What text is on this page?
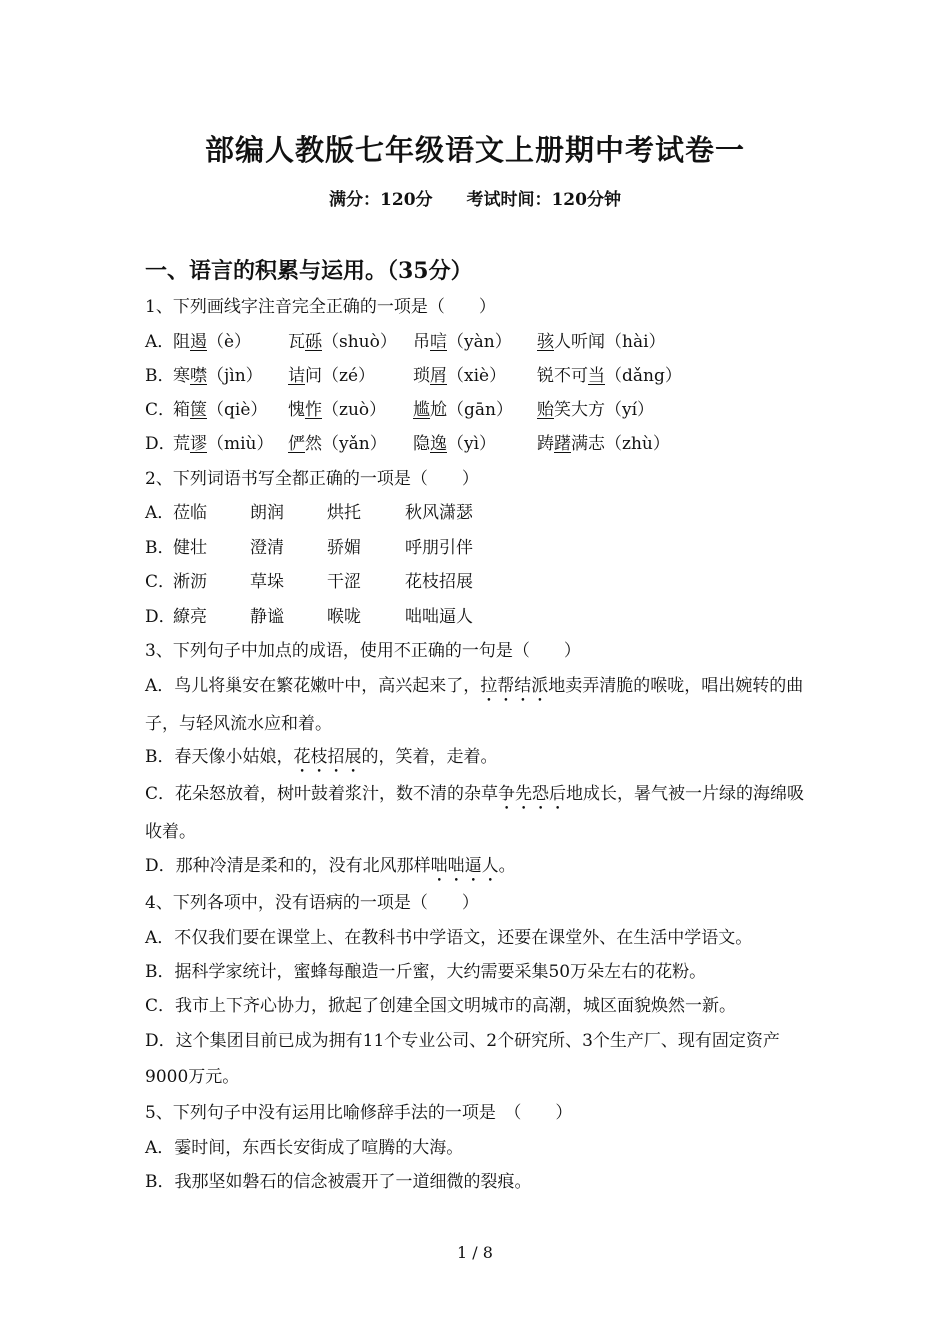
部编人教版七年级语文上册期中考试卷一
满分：120分 考试时间：120分钟
一、语言的积累与运用。（35分）
1、下列画线字注音完全正确的一项是（　　）
A．阻遏（è） 瓦砾（shuò） 吊唁（yàn） 骇人听闻（hài）
B．寒噤（jìn） 诘问（zé） 琐屑（xiè） 锐不可当（dǎng）
C．箱箧（qiè） 愧怍（zuò） 尴尬（gān） 贻笑大方（yí）
D．荒谬（miù） 俨然（yǎn） 隐逸（yì） 踌躇满志（zhù）
2、下列词语书写全都正确的一项是（　　）
A．莅临	朗润	烘托	秋风潇瑟
B．健壮	澄清	骄媚	呼朋引伴
C．淅沥	草垛	干涩	花枝招展
D．繚亮	静谧	喉咙	咄咄逼人
3、下列句子中加点的成语，使用不正确的一句是（　　）
A．鸟儿将巢安在繁花嫩叶中，高兴起来了，拉帮结派地卖弄清脆的喉咙，唱出婉转的曲子，与轻风流水应和着。
B．春天像小姑娘，花枝招展的，笑着，走着。
C．花朵怒放着，树叶鼓着浆汁，数不清的杂草争先恐后地成长，暑气被一片绿的海绵吸收着。
D．那种冷清是柔和的，没有北风那样咄咄逼人。
4、下列各项中，没有语病的一项是（　　）
A．不仅我们要在课堂上、在教科书中学语文，还要在课堂外、在生活中学语文。
B．据科学家统计，蜜蜂每酿造一斤蜜，大约需要采集50万朵左右的花粉。
C．我市上下齐心协力，掀起了创建全国文明城市的高潮，城区面貌焕然一新。
D．这个集团目前已成为拥有11个专业公司、2个研究所、3个生产厂、现有固定资产9000万元。
5、下列句子中没有运用比喻修辞手法的一项是　（　　）
A．霎时间，东西长安街成了喧腾的大海。
B．我那坚如磐石的信念被震开了一道细微的裂痕。
1 / 8
